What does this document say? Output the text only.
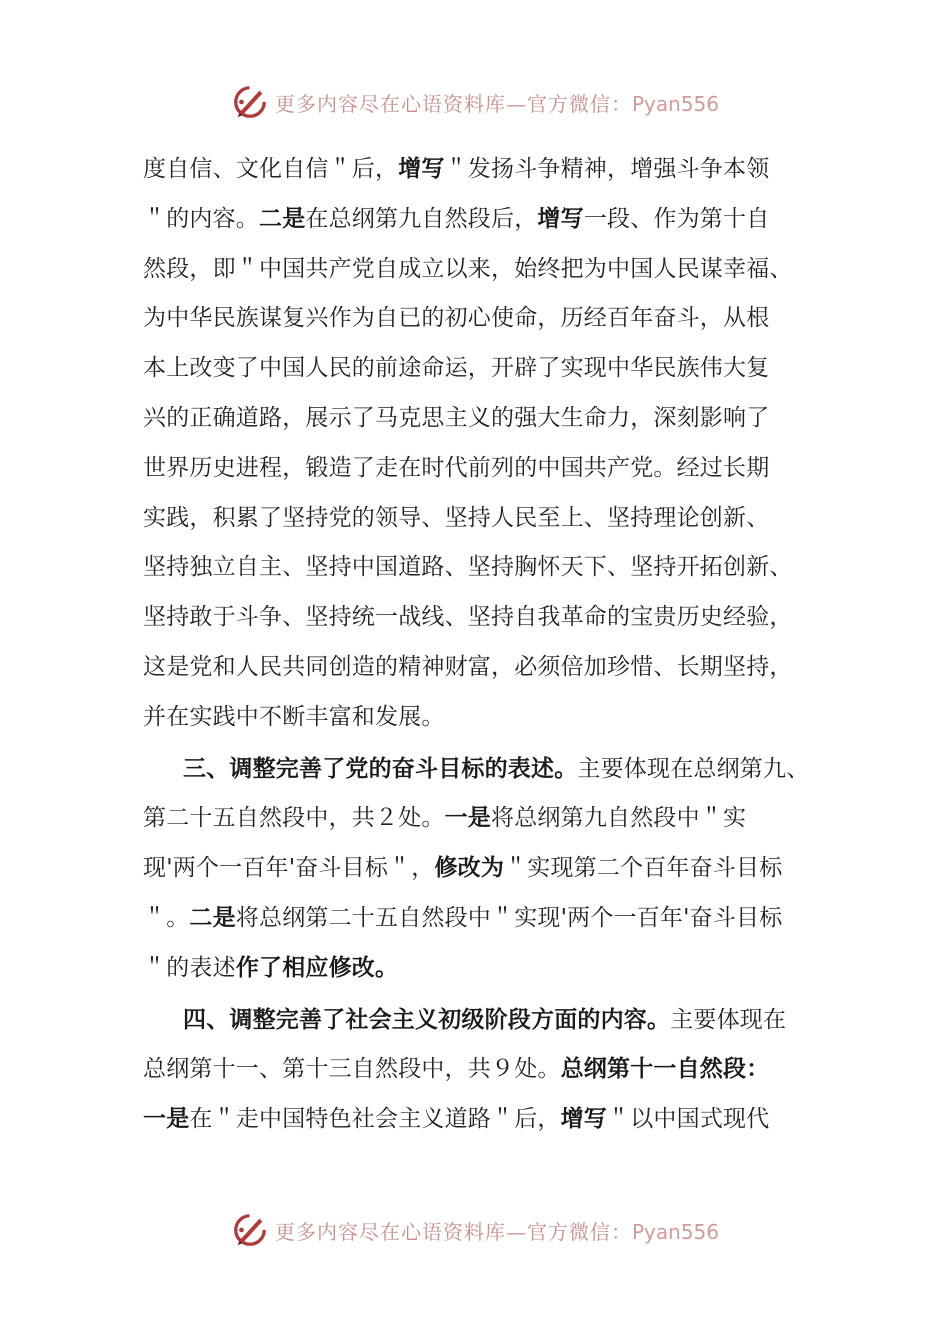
更多内容尽在心语资料库—官方微信：Pyan556
度自信、文化自信＂后，增写＂发扬斗争精神，增强斗争本领
＂的内容。二是在总纲第九自然段后，增写一段、作为第十自
然段，即＂中国共产党自成立以来，始终把为中国人民谋幸福、
为中华民族谋复兴作为自已的初心使命，历经百年奋斗，从根
本上改变了中国人民的前途命运，开辟了实现中华民族伟大复
兴的正确道路，展示了马克思主义的强大生命力，深刻影响了
世界历史进程，锻造了走在时代前列的中国共产党。经过长期
实践，积累了坚持党的领导、坚持人民至上、坚持理论创新、
坚持独立自主、坚持中国道路、坚持胸怀天下、坚持开拓创新、
坚持敢于斗争、坚持统一战线、坚持自我革命的宝贵历史经验，
这是党和人民共同创造的精神财富，必须倍加珍惜、长期坚持，
并在实践中不断丰富和发展。
三、调整完善了党的奋斗目标的表述。主要体现在总纲第九、
第二十五自然段中，共２处。一是将总纲第九自然段中＂实
现'两个一百年'奋斗目标＂，修改为＂实现第二个百年奋斗目标
＂。二是将总纲第二十五自然段中＂实现'两个一百年'奋斗目标
＂的表述作了相应修改。
四、调整完善了社会主义初级阶段方面的内容。主要体现在
总纲第十一、第十三自然段中，共９处。总纲第十一自然段：
一是在＂走中国特色社会主义道路＂后，增写＂以中国式现代
更多内容尽在心语资料库—官方微信：Pyan556
